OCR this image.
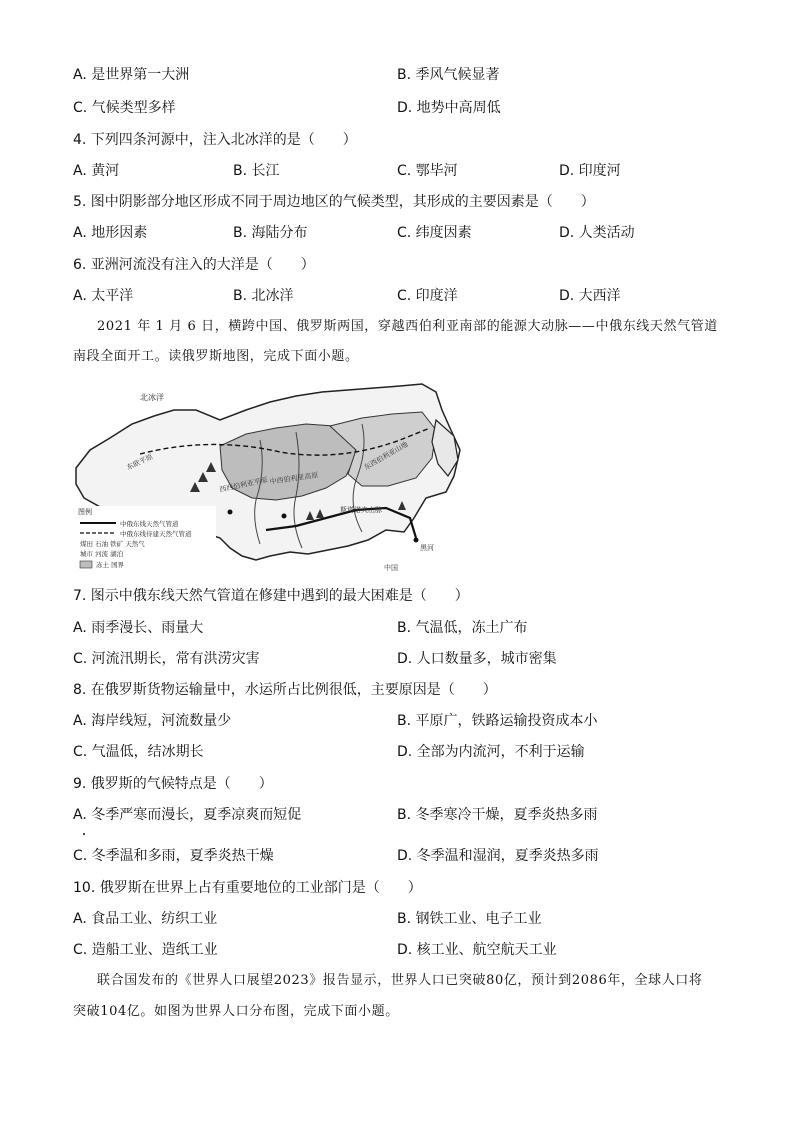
A. 是世界第一大洲	B. 季风气候显著
C. 气候类型多样	D. 地势中高周低
4. 下列四条河源中，注入北冰洋的是（　　）
A. 黄河	B. 长江	C. 鄂毕河	D. 印度河
5. 图中阴影部分地区形成不同于周边地区的气候类型，其形成的主要因素是（　　）
A. 地形因素	B. 海陆分布	C. 纬度因素	D. 人类活动
6. 亚洲河流没有注入的大洋是（　　）
A. 太平洋	B. 北冰洋	C. 印度洋	D. 大西洋
2021 年 1 月 6 日，横跨中国、俄罗斯两国，穿越西伯利亚南部的能源大动脉——中俄东线天然气管道
南段全面开工。读俄罗斯地图，完成下面小题。
北冰洋
东欧平原
西西伯利亚平原 中西伯利亚高原
东西伯利亚山地
斯塔诺夫山脉
黑河
中国
图例
中俄东线天然气管道
中俄东线待建天然气管道
煤田 石油 铁矿 天然气
城市 河流 湖泊
冻土 国界
7. 图示中俄东线天然气管道在修建中遇到的最大困难是（　　）
A. 雨季漫长、雨量大	B. 气温低，冻土广布
C. 河流汛期长，常有洪涝灾害	D. 人口数量多，城市密集
8. 在俄罗斯货物运输量中，水运所占比例很低，主要原因是（　　）
A. 海岸线短，河流数量少	B. 平原广，铁路运输投资成本小
C. 气温低，结冰期长	D. 全部为内流河，不利于运输
9. 俄罗斯的气候特点是（　　）
A. 冬季严寒而漫长，夏季凉爽而短促	B. 冬季寒冷干燥，夏季炎热多雨
C. 冬季温和多雨，夏季炎热干燥	D. 冬季温和湿润，夏季炎热多雨
10. 俄罗斯在世界上占有重要地位的工业部门是（　　）
A. 食品工业、纺织工业	B. 钢铁工业、电子工业
C. 造船工业、造纸工业	D. 核工业、航空航天工业
联合国发布的《世界人口展望2023》报告显示，世界人口已突破80亿，预计到2086年，全球人口将
突破104亿。如图为世界人口分布图，完成下面小题。
